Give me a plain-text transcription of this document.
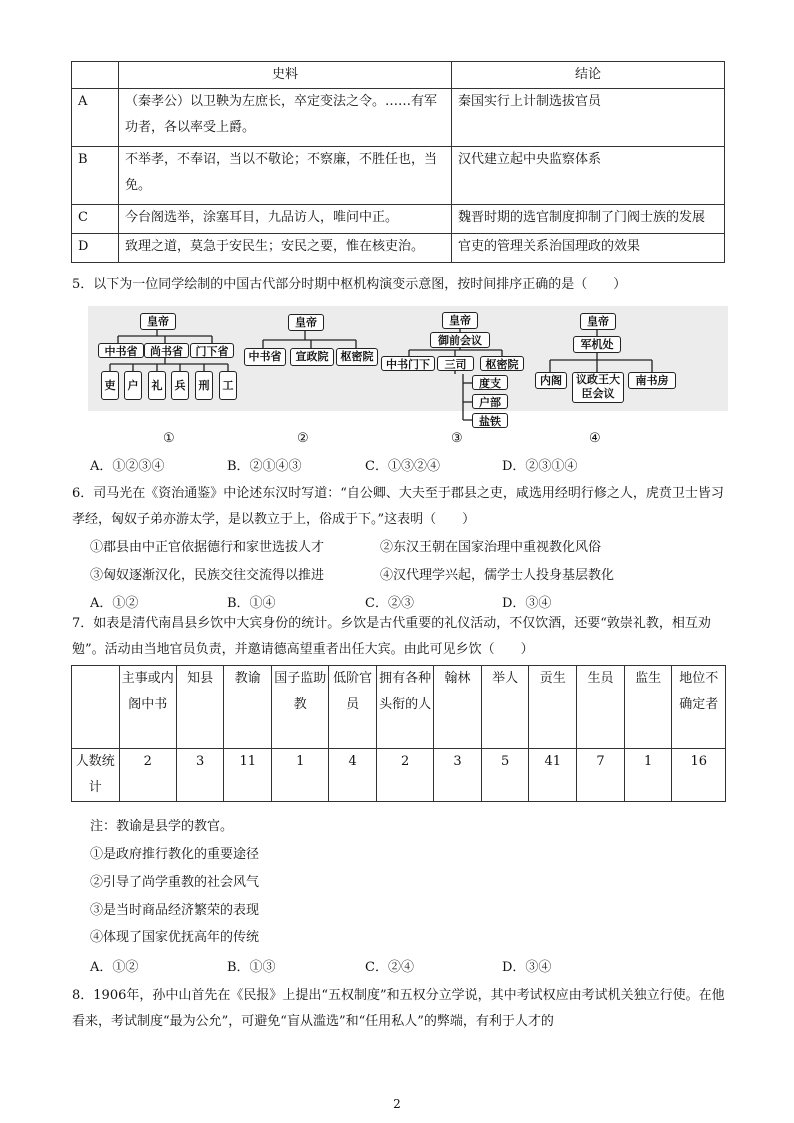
	史料	结论
A	（秦孝公）以卫鞅为左庶长，卒定变法之令。……有军功者，各以率受上爵。	秦国实行上计制选拔官员
B	不举孝，不奉诏，当以不敬论；不察廉，不胜任也，当免。	汉代建立起中央监察体系
C	今台阁选举，涂塞耳目，九品访人，唯问中正。	魏晋时期的选官制度抑制了门阀士族的发展
D	致理之道，莫急于安民生；安民之要，惟在核吏治。	官吏的管理关系治国理政的效果
5．以下为一位同学绘制的中国古代部分时期中枢机构演变示意图，按时间排序正确的是（　　）
皇帝
中书省	尚书省	门下省
吏	户	礼	兵	刑	工
①
皇帝
中书省	宣政院	枢密院
②
皇帝
御前会议
中书门下	三司	枢密院
度支
户部
盐铁
③
皇帝
军机处
内阁	议政王大臣会议
南书房
④
A．①②③④	B．②①④③	C．①③②④	D．②③①④
6．司马光在《资治通鉴》中论述东汉时写道：“自公卿、大夫至于郡县之吏，咸选用经明行修之人，虎贲卫士皆习孝经，匈奴子弟亦游太学，是以教立于上，俗成于下。”这表明（　　）
①郡县由中正官依据德行和家世选拔人才	②东汉王朝在国家治理中重视教化风俗
③匈奴逐渐汉化，民族交往交流得以推进	④汉代理学兴起，儒学士人投身基层教化
A．①②	B．①④	C．②③	D．③④
7．如表是清代南昌县乡饮中大宾身份的统计。乡饮是古代重要的礼仪活动，不仅饮酒，还要“敦崇礼教，相互劝勉”。活动由当地官员负责，并邀请德高望重者出任大宾。由此可见乡饮（　　）
	主事或内阁中书	知县	教谕	国子监助教	低阶官员	拥有各种头衔的人	翰林	举人	贡生	生员	监生	地位不确定者
人数统计	2	3	11	1	4	2	3	5	41	7	1	16
注：教谕是县学的教官。
①是政府推行教化的重要途径
②引导了尚学重教的社会风气
③是当时商品经济繁荣的表现
④体现了国家优抚高年的传统
A．①②	B．①③	C．②④	D．③④
8．1906年，孙中山首先在《民报》上提出“五权制度”和五权分立学说，其中考试权应由考试机关独立行使。在他看来，考试制度“最为公允”，可避免“盲从滥选”和“任用私人”的弊端，有利于人才的
2
